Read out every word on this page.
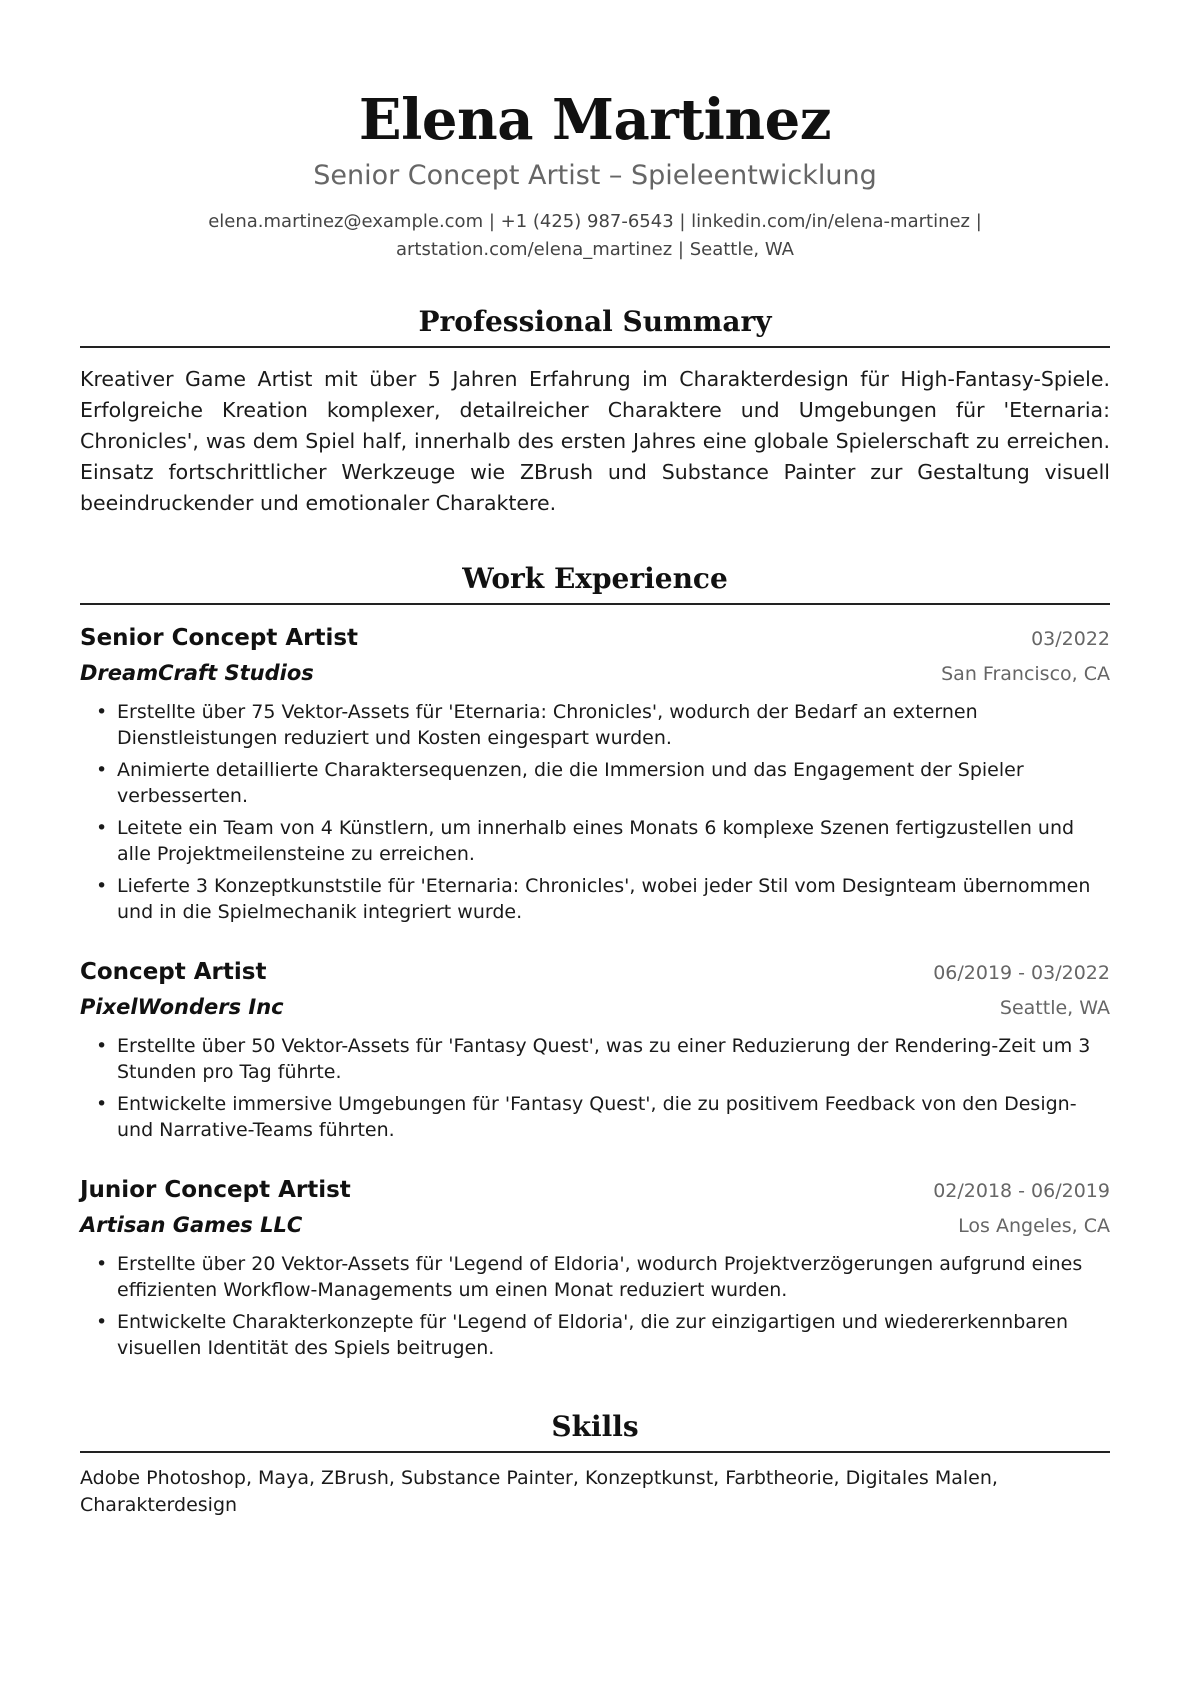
Elena Martinez
Senior Concept Artist – Spieleentwicklung
elena.martinez@example.com | +1 (425) 987-6543 | linkedin.com/in/elena-martinez |
artstation.com/elena_martinez | Seattle, WA
Professional Summary

Kreativer Game Artist mit über 5 Jahren Erfahrung im Charakterdesign für High-Fantasy-Spiele. Erfolgreiche Kreation komplexer, detailreicher Charaktere und Umgebungen für 'Eternaria: Chronicles', was dem Spiel half, innerhalb des ersten Jahres eine globale Spielerschaft zu erreichen. Einsatz fortschrittlicher Werkzeuge wie ZBrush und Substance Painter zur Gestaltung visuell beeindruckender und emotionaler Charaktere.

Work Experience
Senior Concept Artist	03/2022
DreamCraft Studios	San Francisco, CA
• Erstellte über 75 Vektor-Assets für 'Eternaria: Chronicles', wodurch der Bedarf an externen Dienstleistungen reduziert und Kosten eingespart wurden.
• Animierte detaillierte Charaktersequenzen, die die Immersion und das Engagement der Spieler verbesserten.
• Leitete ein Team von 4 Künstlern, um innerhalb eines Monats 6 komplexe Szenen fertigzustellen und alle Projektmeilensteine zu erreichen.
• Lieferte 3 Konzeptkunststile für 'Eternaria: Chronicles', wobei jeder Stil vom Designteam übernommen und in die Spielmechanik integriert wurde.
Concept Artist	06/2019 - 03/2022
PixelWonders Inc	Seattle, WA
• Erstellte über 50 Vektor-Assets für 'Fantasy Quest', was zu einer Reduzierung der Rendering-Zeit um 3 Stunden pro Tag führte.
• Entwickelte immersive Umgebungen für 'Fantasy Quest', die zu positivem Feedback von den Design- und Narrative-Teams führten.
Junior Concept Artist	02/2018 - 06/2019
Artisan Games LLC	Los Angeles, CA
• Erstellte über 20 Vektor-Assets für 'Legend of Eldoria', wodurch Projektverzögerungen aufgrund eines effizienten Workflow-Managements um einen Monat reduziert wurden.
• Entwickelte Charakterkonzepte für 'Legend of Eldoria', die zur einzigartigen und wiedererkennbaren visuellen Identität des Spiels beitrugen.
Skills
Adobe Photoshop, Maya, ZBrush, Substance Painter, Konzeptkunst, Farbtheorie, Digitales Malen, Charakterdesign
